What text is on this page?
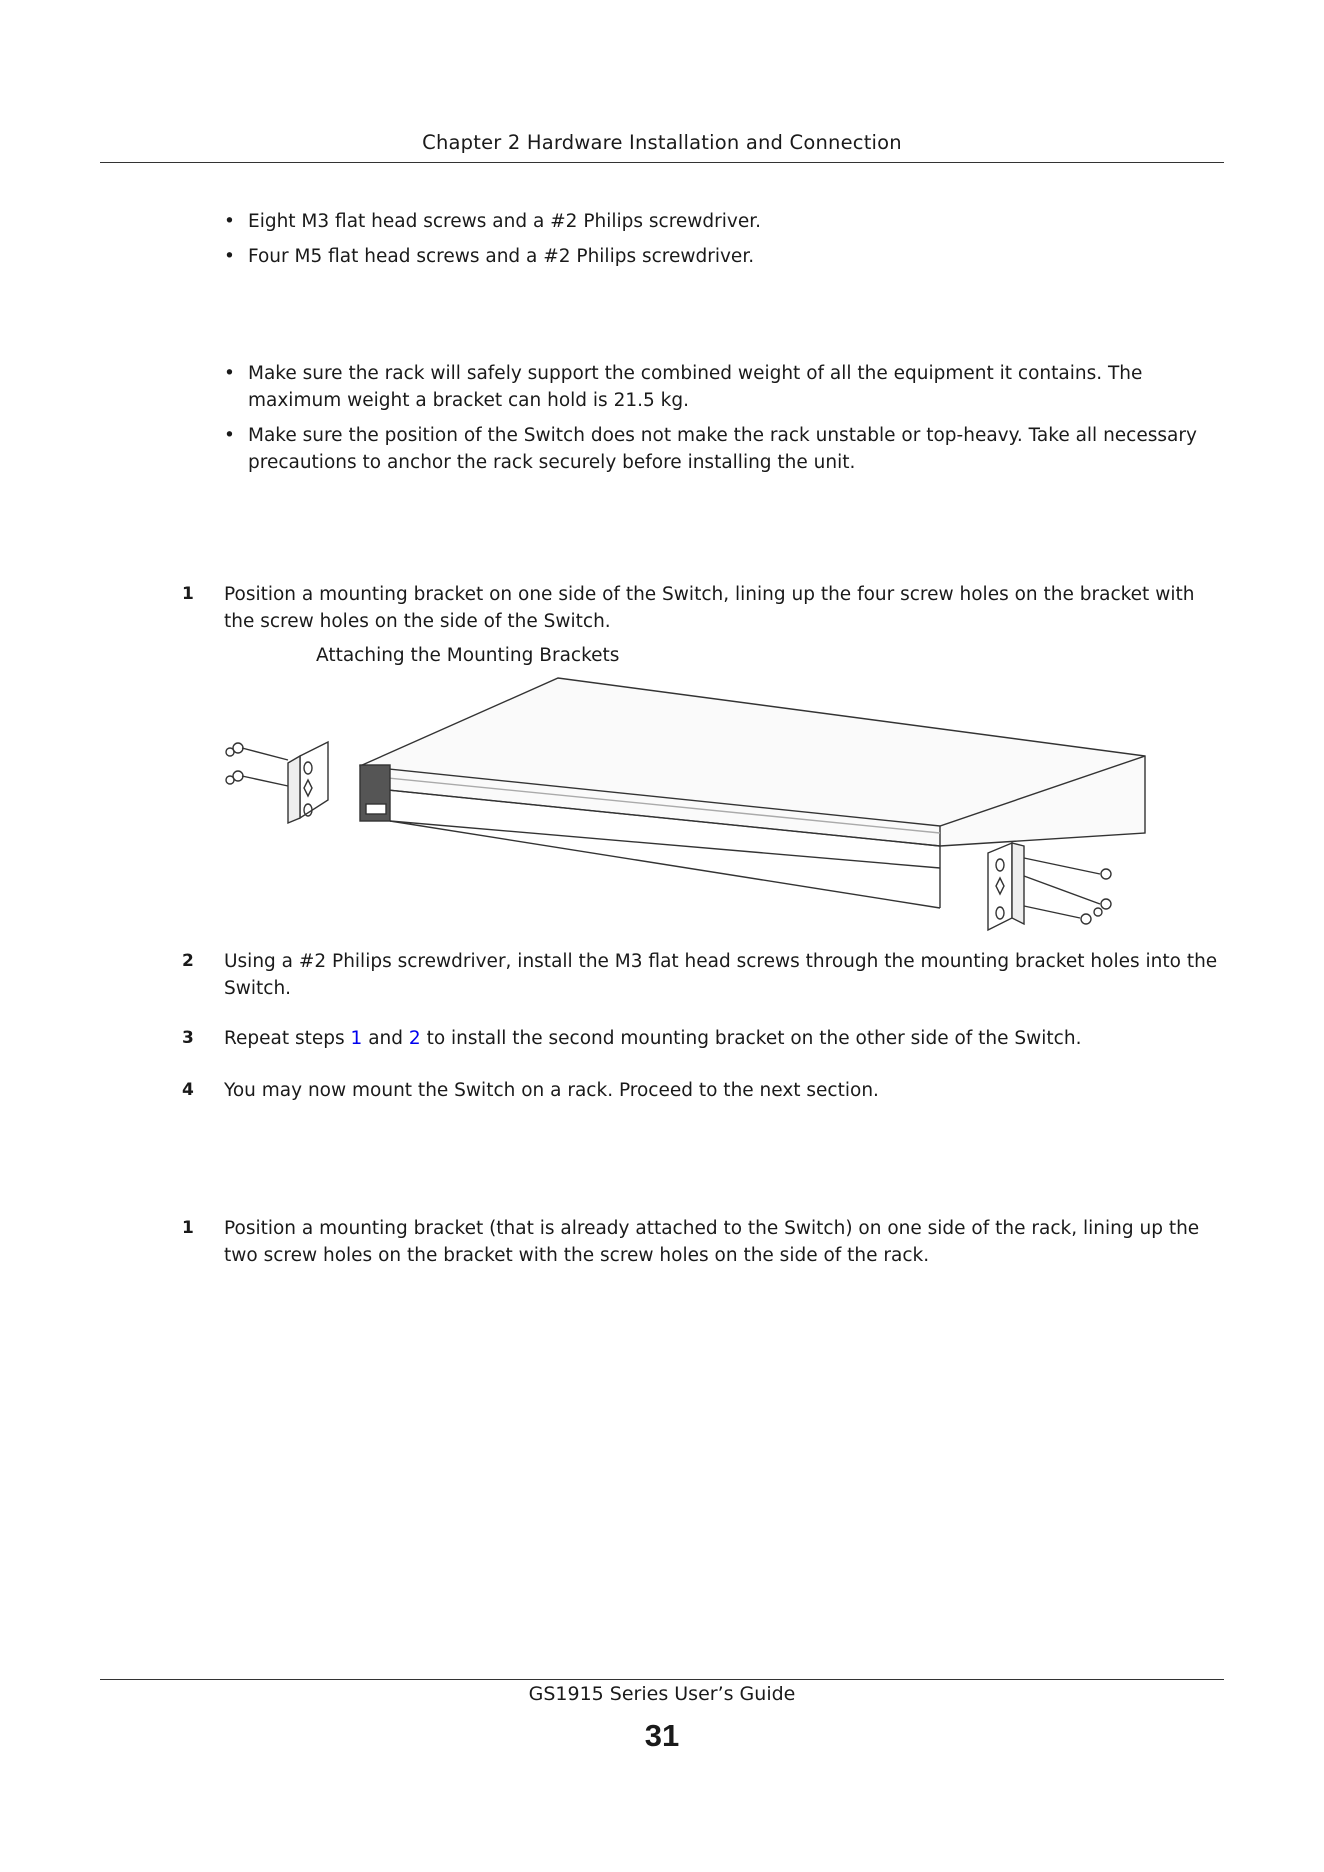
Chapter 2 Hardware Installation and Connection
• Eight M3 flat head screws and a #2 Philips screwdriver.
• Four M5 flat head screws and a #2 Philips screwdriver.
• Make sure the rack will safely support the combined weight of all the equipment it contains. The maximum weight a bracket can hold is 21.5 kg.
• Make sure the position of the Switch does not make the rack unstable or top-heavy. Take all necessary precautions to anchor the rack securely before installing the unit.
1 Position a mounting bracket on one side of the Switch, lining up the four screw holes on the bracket with the screw holes on the side of the Switch.
Attaching the Mounting Brackets
2 Using a #2 Philips screwdriver, install the M3 flat head screws through the mounting bracket holes into the Switch.
3 Repeat steps 1 and 2 to install the second mounting bracket on the other side of the Switch.
4 You may now mount the Switch on a rack. Proceed to the next section.
1 Position a mounting bracket (that is already attached to the Switch) on one side of the rack, lining up the two screw holes on the bracket with the screw holes on the side of the rack.
GS1915 Series User’s Guide
31
